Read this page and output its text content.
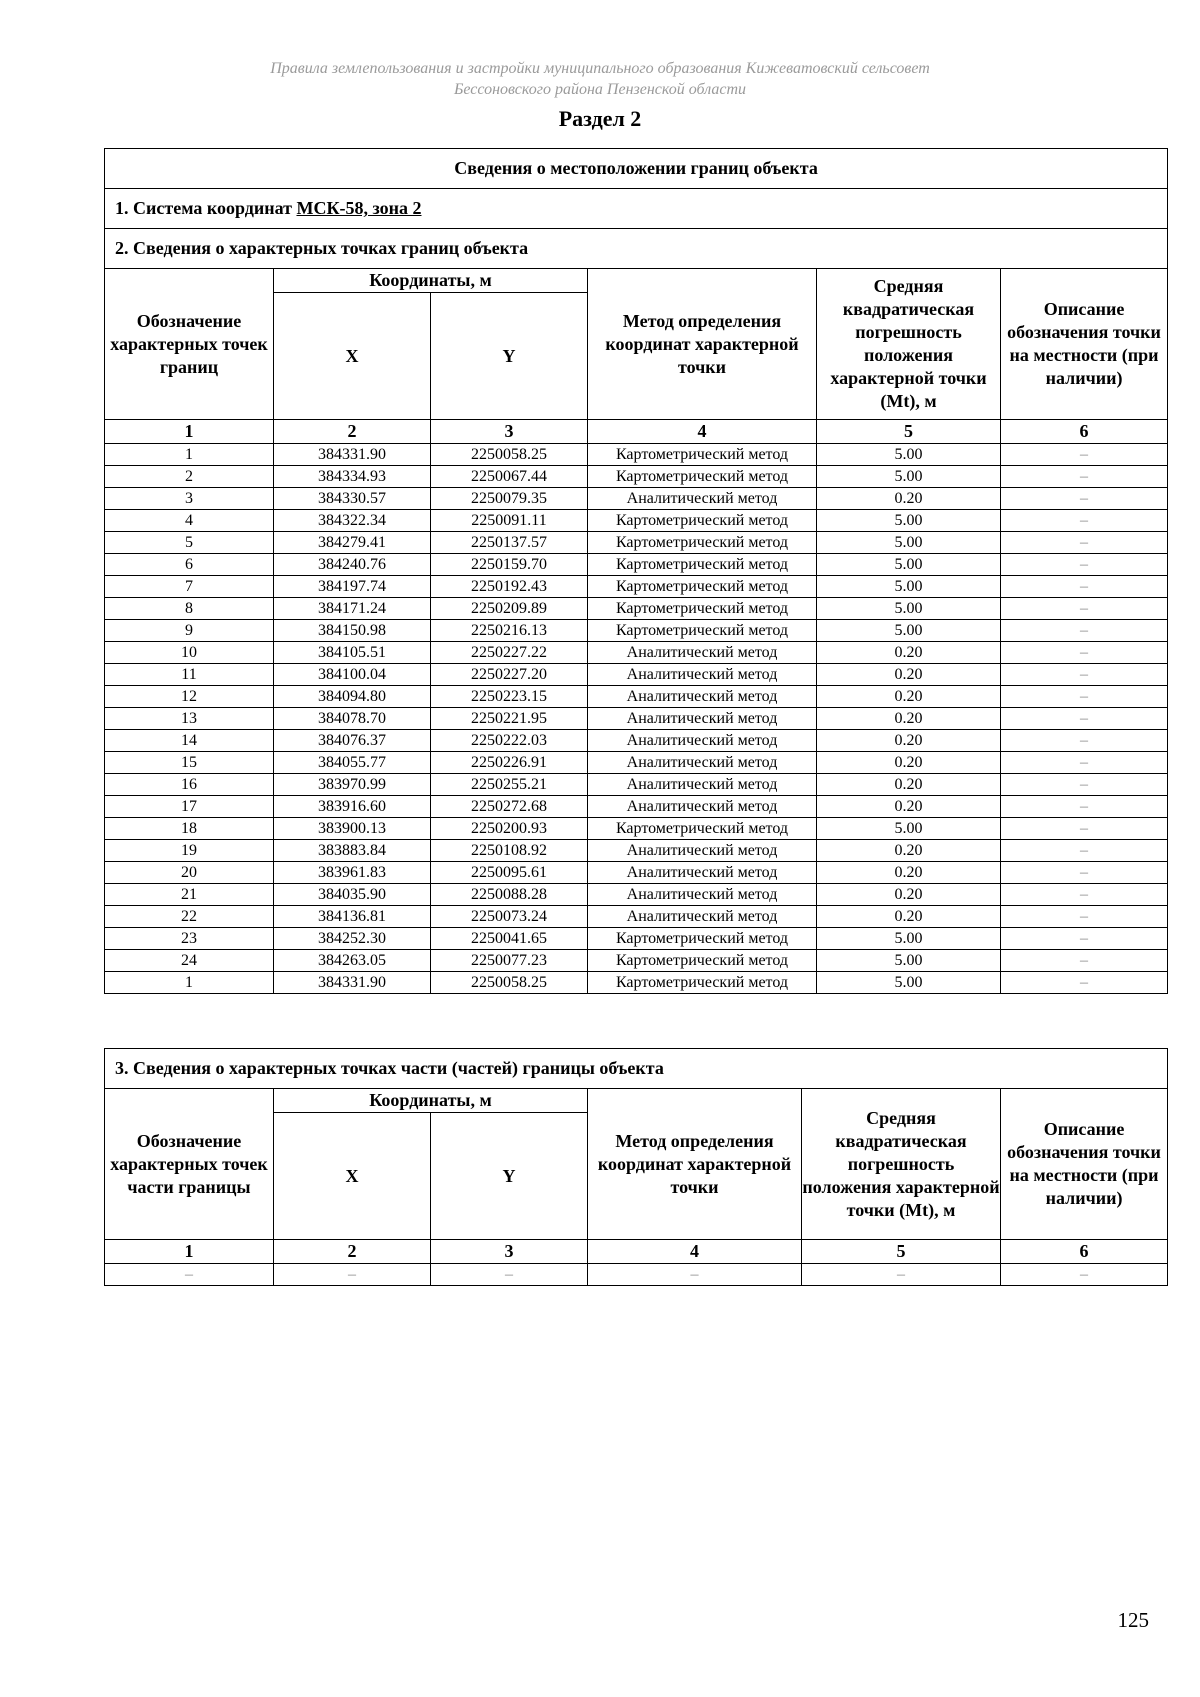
Правила землепользования и застройки муниципального образования Кижеватовский сельсовет
Бессоновского района Пензенской области
Раздел 2
Сведения о местоположении границ объекта					
1. Система координат МСК-58, зона 2					
2. Сведения о характерных точках границ объекта					
Обозначение характерных точек границ	Координаты, м		Метод определения координат характерной точки	Средняя квадратическая погрешность положения характерной точки (Mt), м	Описание обозначения точки на местности (при наличии)
	X	Y			
1	2	3	4	5	6
1	384331.90	2250058.25	Картометрический метод	5.00	–
2	384334.93	2250067.44	Картометрический метод	5.00	–
3	384330.57	2250079.35	Аналитический метод	0.20	–
4	384322.34	2250091.11	Картометрический метод	5.00	–
5	384279.41	2250137.57	Картометрический метод	5.00	–
6	384240.76	2250159.70	Картометрический метод	5.00	–
7	384197.74	2250192.43	Картометрический метод	5.00	–
8	384171.24	2250209.89	Картометрический метод	5.00	–
9	384150.98	2250216.13	Картометрический метод	5.00	–
10	384105.51	2250227.22	Аналитический метод	0.20	–
11	384100.04	2250227.20	Аналитический метод	0.20	–
12	384094.80	2250223.15	Аналитический метод	0.20	–
13	384078.70	2250221.95	Аналитический метод	0.20	–
14	384076.37	2250222.03	Аналитический метод	0.20	–
15	384055.77	2250226.91	Аналитический метод	0.20	–
16	383970.99	2250255.21	Аналитический метод	0.20	–
17	383916.60	2250272.68	Аналитический метод	0.20	–
18	383900.13	2250200.93	Картометрический метод	5.00	–
19	383883.84	2250108.92	Аналитический метод	0.20	–
20	383961.83	2250095.61	Аналитический метод	0.20	–
21	384035.90	2250088.28	Аналитический метод	0.20	–
22	384136.81	2250073.24	Аналитический метод	0.20	–
23	384252.30	2250041.65	Картометрический метод	5.00	–
24	384263.05	2250077.23	Картометрический метод	5.00	–
1	384331.90	2250058.25	Картометрический метод	5.00	–
3. Сведения о характерных точках части (частей) границы объекта					
Обозначение характерных точек части границы	Координаты, м		Метод определения координат характерной точки	Средняя квадратическая погрешность положения характерной точки (Mt), м	Описание обозначения точки на местности (при наличии)
	X	Y			
1	2	3	4	5	6
–	–	–	–	–	–
125
